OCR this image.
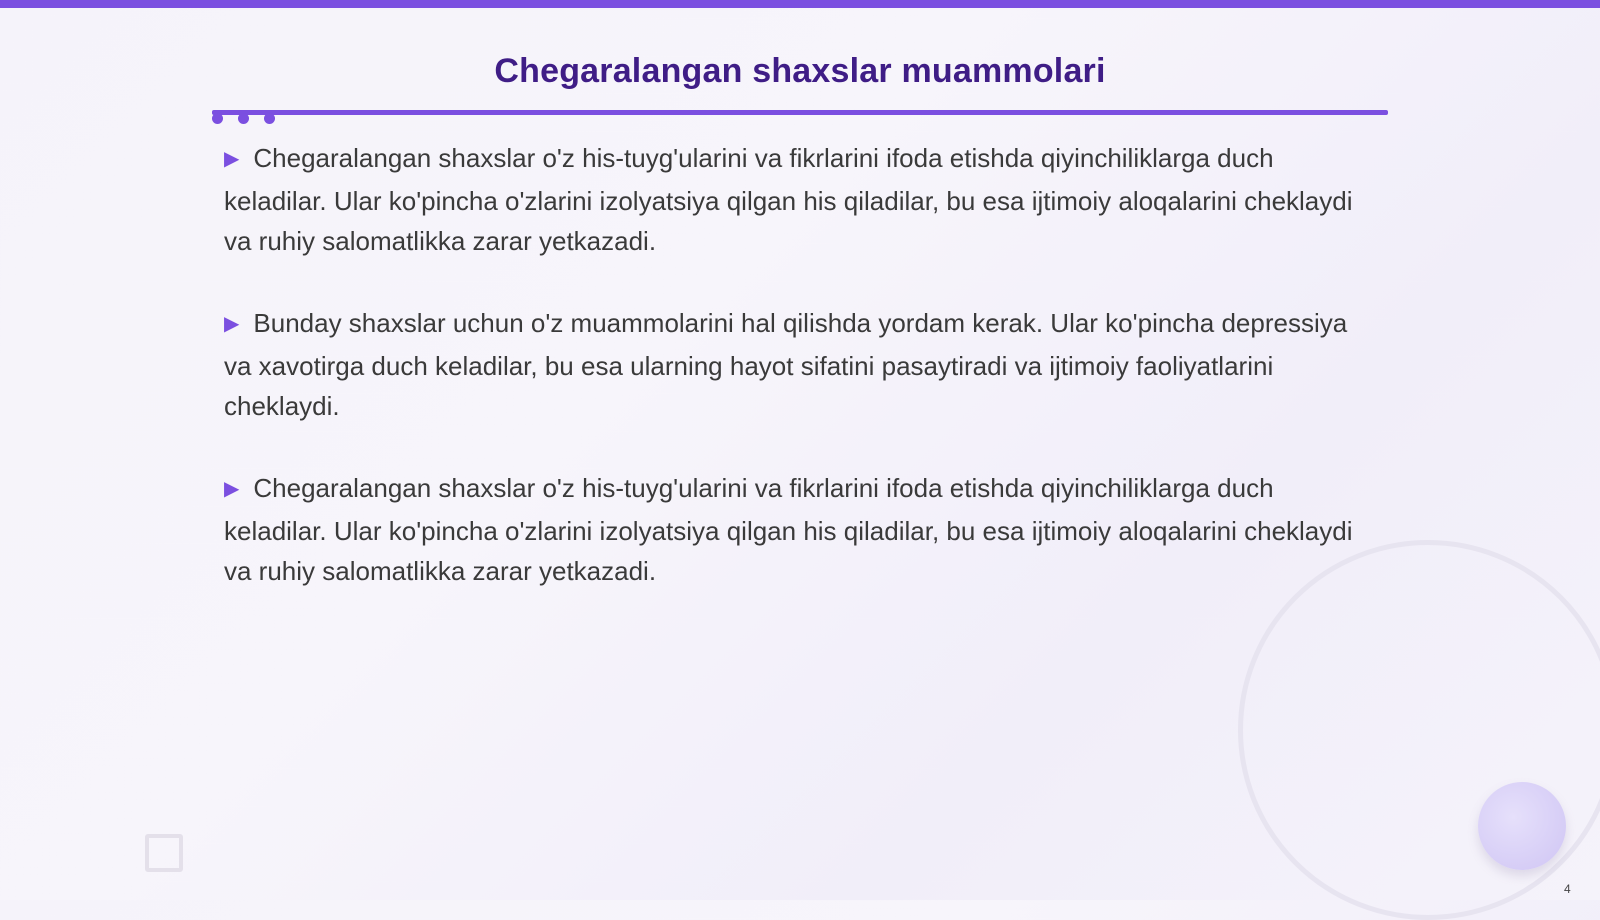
Chegaralangan shaxslar muammolari

▶ Chegaralangan shaxslar o'z his-tuyg'ularini va fikrlarini ifoda etishda qiyinchiliklarga duch keladilar. Ular ko'pincha o'zlarini izolyatsiya qilgan his qiladilar, bu esa ijtimoiy aloqalarini cheklaydi va ruhiy salomatlikka zarar yetkazadi.

▶ Bunday shaxslar uchun o'z muammolarini hal qilishda yordam kerak. Ular ko'pincha depressiya va xavotirga duch keladilar, bu esa ularning hayot sifatini pasaytiradi va ijtimoiy faoliyatlarini cheklaydi.

▶ Chegaralangan shaxslar o'z his-tuyg'ularini va fikrlarini ifoda etishda qiyinchiliklarga duch keladilar. Ular ko'pincha o'zlarini izolyatsiya qilgan his qiladilar, bu esa ijtimoiy aloqalarini cheklaydi va ruhiy salomatlikka zarar yetkazadi.

4
